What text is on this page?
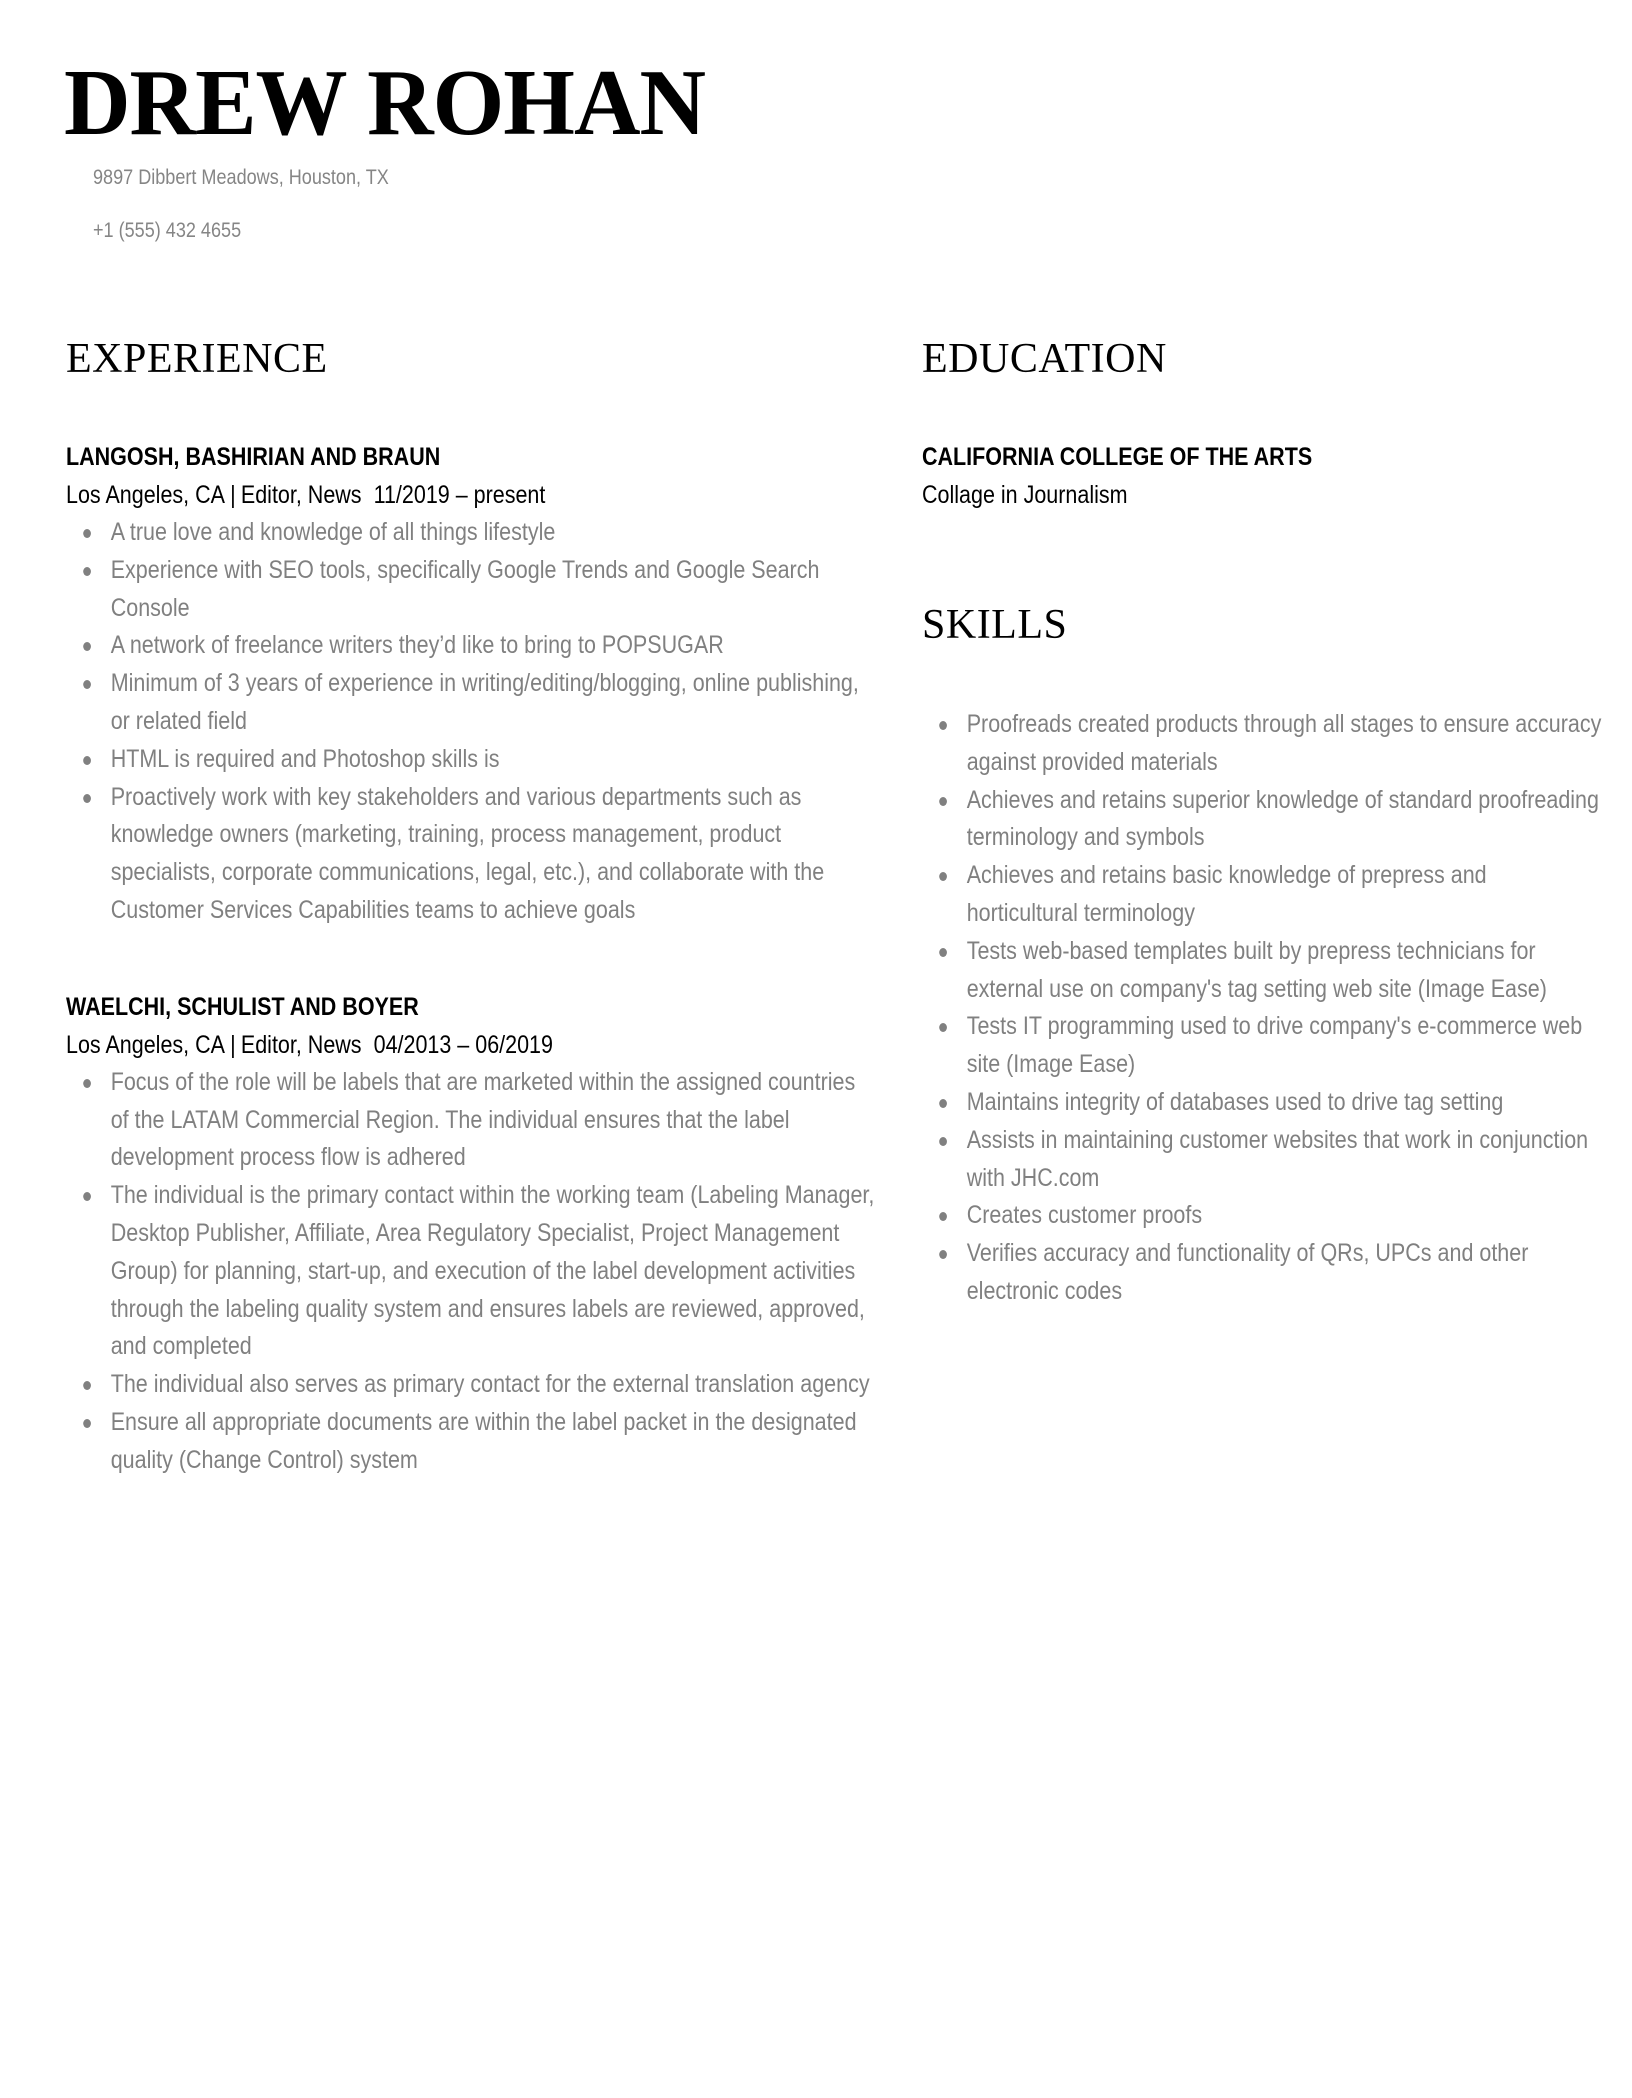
DREW ROHAN
9897 Dibbert Meadows, Houston, TX
+1 (555) 432 4655
EXPERIENCE
LANGOSH, BASHIRIAN AND BRAUN
Los Angeles, CA | Editor, News 11/2019 – present
A true love and knowledge of all things lifestyle
Experience with SEO tools, specifically Google Trends and Google Search Console
A network of freelance writers they’d like to bring to POPSUGAR
Minimum of 3 years of experience in writing/editing/blogging, online publishing, or related field
HTML is required and Photoshop skills is
Proactively work with key stakeholders and various departments such as knowledge owners (marketing, training, process management, product specialists, corporate communications, legal, etc.), and collaborate with the Customer Services Capabilities teams to achieve goals
WAELCHI, SCHULIST AND BOYER
Los Angeles, CA | Editor, News 04/2013 – 06/2019
Focus of the role will be labels that are marketed within the assigned countries of the LATAM Commercial Region. The individual ensures that the label development process flow is adhered
The individual is the primary contact within the working team (Labeling Manager, Desktop Publisher, Affiliate, Area Regulatory Specialist, Project Management Group) for planning, start-up, and execution of the label development activities through the labeling quality system and ensures labels are reviewed, approved, and completed
The individual also serves as primary contact for the external translation agency
Ensure all appropriate documents are within the label packet in the designated quality (Change Control) system
EDUCATION
CALIFORNIA COLLEGE OF THE ARTS
Collage in Journalism
SKILLS
Proofreads created products through all stages to ensure accuracy against provided materials
Achieves and retains superior knowledge of standard proofreading terminology and symbols
Achieves and retains basic knowledge of prepress and horticultural terminology
Tests web-based templates built by prepress technicians for external use on company's tag setting web site (Image Ease)
Tests IT programming used to drive company's e-commerce web site (Image Ease)
Maintains integrity of databases used to drive tag setting
Assists in maintaining customer websites that work in conjunction with JHC.com
Creates customer proofs
Verifies accuracy and functionality of QRs, UPCs and other electronic codes
